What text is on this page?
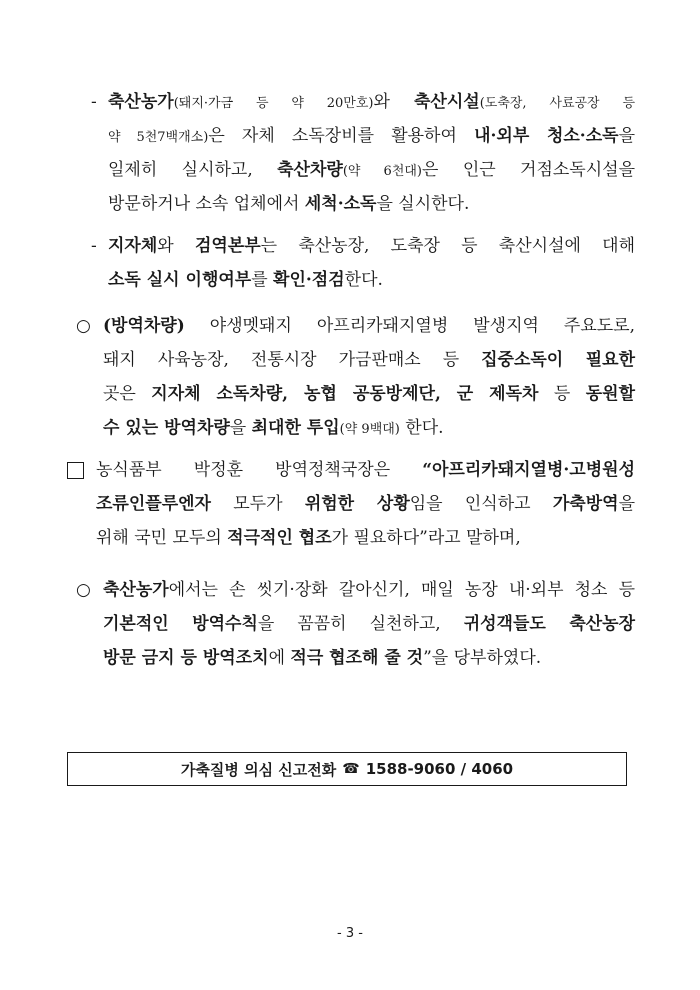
- 축산농가(돼지·가금 등 약 20만호)와 축산시설(도축장, 사료공장 등
약 5천7백개소)은 자체 소독장비를 활용하여 내·외부 청소·소독을
일제히 실시하고, 축산차량(약 6천대)은 인근 거점소독시설을
방문하거나 소속 업체에서 세척·소독을 실시한다.
- 지자체와 검역본부는 축산농장, 도축장 등 축산시설에 대해
소독 실시 이행여부를 확인·점검한다.
○ (방역차량) 야생멧돼지 아프리카돼지열병 발생지역 주요도로,
돼지 사육농장, 전통시장 가금판매소 등 집중소독이 필요한
곳은 지자체 소독차량, 농협 공동방제단, 군 제독차 등 동원할
수 있는 방역차량을 최대한 투입(약 9백대) 한다.
농식품부 박정훈 방역정책국장은 “아프리카돼지열병·고병원성
조류인플루엔자 모두가 위험한 상황임을 인식하고 가축방역을
위해 국민 모두의 적극적인 협조가 필요하다”라고 말하며,
○ 축산농가에서는 손 씻기·장화 갈아신기, 매일 농장 내·외부 청소 등
기본적인 방역수칙을 꼼꼼히 실천하고, 귀성객들도 축산농장
방문 금지 등 방역조치에 적극 협조해 줄 것”을 당부하였다.
가축질병 의심 신고전화 ☎ 1588-9060 / 4060
- 3 -
